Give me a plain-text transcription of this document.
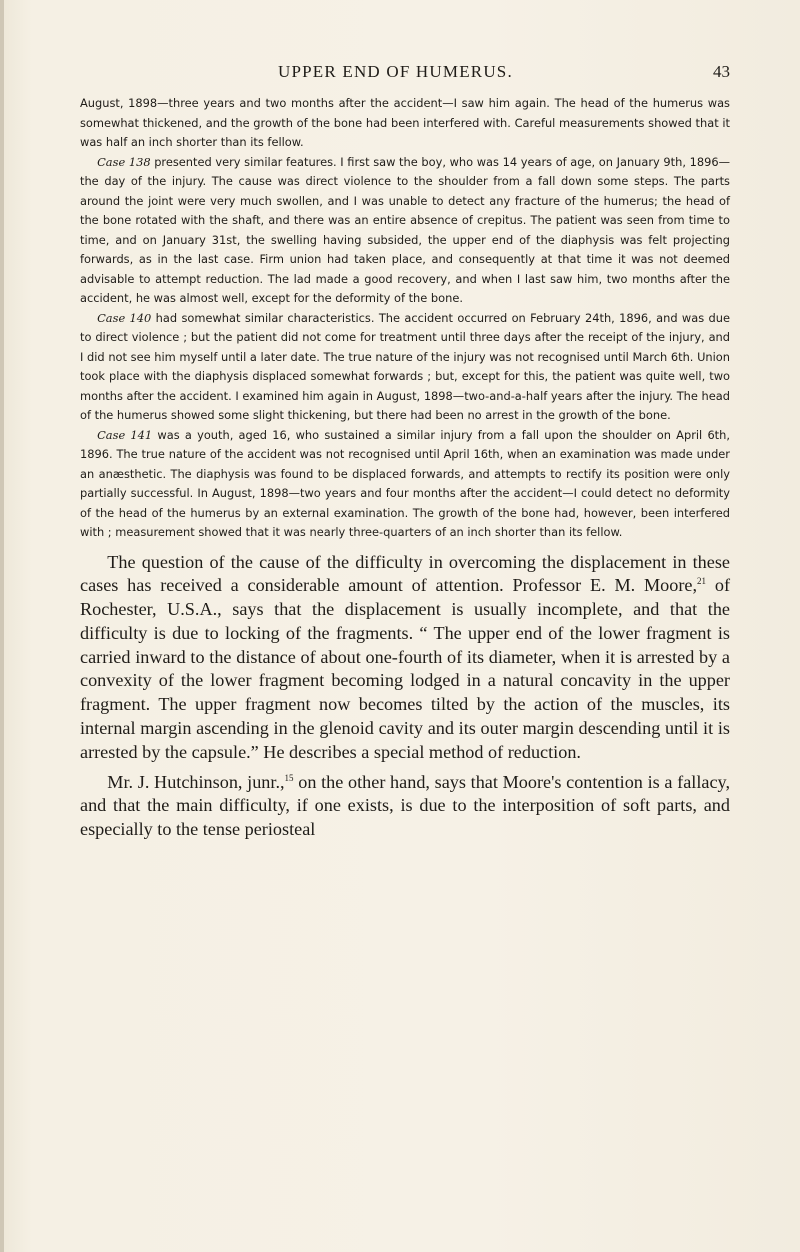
UPPER END OF HUMERUS.	43

August, 1898—three years and two months after the accident—I saw him again. The head of the humerus was somewhat thickened, and the growth of the bone had been interfered with. Careful measurements showed that it was half an inch shorter than its fellow.

Case 138 presented very similar features. I first saw the boy, who was 14 years of age, on January 9th, 1896—the day of the injury. The cause was direct violence to the shoulder from a fall down some steps. The parts around the joint were very much swollen, and I was unable to detect any fracture of the humerus; the head of the bone rotated with the shaft, and there was an entire absence of crepitus. The patient was seen from time to time, and on January 31st, the swelling having subsided, the upper end of the diaphysis was felt projecting forwards, as in the last case. Firm union had taken place, and consequently at that time it was not deemed advisable to attempt reduction. The lad made a good recovery, and when I last saw him, two months after the accident, he was almost well, except for the deformity of the bone.

Case 140 had somewhat similar characteristics. The accident occurred on February 24th, 1896, and was due to direct violence ; but the patient did not come for treatment until three days after the receipt of the injury, and I did not see him myself until a later date. The true nature of the injury was not recognised until March 6th. Union took place with the diaphysis displaced somewhat forwards ; but, except for this, the patient was quite well, two months after the accident. I examined him again in August, 1898—two-and-a-half years after the injury. The head of the humerus showed some slight thickening, but there had been no arrest in the growth of the bone.

Case 141 was a youth, aged 16, who sustained a similar injury from a fall upon the shoulder on April 6th, 1896. The true nature of the accident was not recognised until April 16th, when an examination was made under an anæsthetic. The diaphysis was found to be displaced forwards, and attempts to rectify its position were only partially successful. In August, 1898—two years and four months after the accident—I could detect no deformity of the head of the humerus by an external examination. The growth of the bone had, however, been interfered with ; measurement showed that it was nearly three-quarters of an inch shorter than its fellow.

The question of the cause of the difficulty in overcoming the displacement in these cases has received a considerable amount of attention. Professor E. M. Moore,$^{21}$ of Rochester, U.S.A., says that the displacement is usually incomplete, and that the difficulty is due to locking of the fragments. “ The upper end of the lower fragment is carried inward to the distance of about one-fourth of its diameter, when it is arrested by a convexity of the lower fragment becoming lodged in a natural concavity in the upper fragment. The upper fragment now becomes tilted by the action of the muscles, its internal margin ascending in the glenoid cavity and its outer margin descending until it is arrested by the capsule.” He describes a special method of reduction.

Mr. J. Hutchinson, junr.,$^{15}$ on the other hand, says that Moore's contention is a fallacy, and that the main difficulty, if one exists, is due to the interposition of soft parts, and especially to the tense periosteal
